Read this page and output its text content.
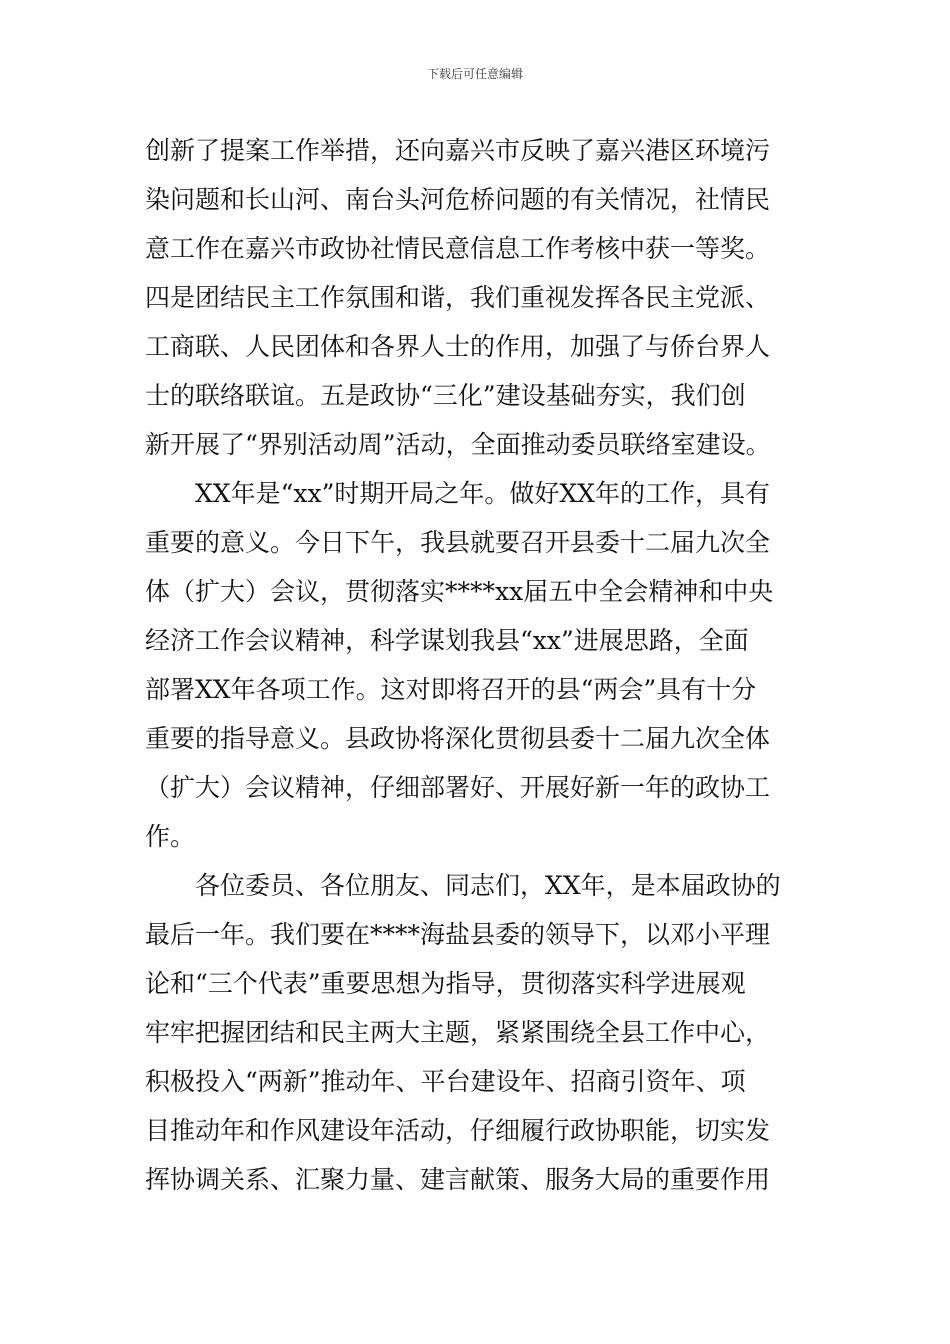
下载后可任意编辑
创新了提案工作举措，还向嘉兴市反映了嘉兴港区环境污
染问题和长山河、南台头河危桥问题的有关情况，社情民
意工作在嘉兴市政协社情民意信息工作考核中获一等奖。
四是团结民主工作氛围和谐，我们重视发挥各民主党派、
工商联、人民团体和各界人士的作用，加强了与侨台界人
士的联络联谊。五是政协“三化”建设基础夯实，我们创
新开展了“界别活动周”活动，全面推动委员联络室建设。
XX年是“xx”时期开局之年。做好XX年的工作，具有
重要的意义。今日下午，我县就要召开县委十二届九次全
体（扩大）会议，贯彻落实****xx届五中全会精神和中央
经济工作会议精神，科学谋划我县“xx”进展思路，全面
部署XX年各项工作。这对即将召开的县“两会”具有十分
重要的指导意义。县政协将深化贯彻县委十二届九次全体
（扩大）会议精神，仔细部署好、开展好新一年的政协工
作。
各位委员、各位朋友、同志们，XX年，是本届政协的
最后一年。我们要在****海盐县委的领导下，以邓小平理
论和“三个代表”重要思想为指导，贯彻落实科学进展观
牢牢把握团结和民主两大主题，紧紧围绕全县工作中心，
积极投入“两新”推动年、平台建设年、招商引资年、项
目推动年和作风建设年活动，仔细履行政协职能，切实发
挥协调关系、汇聚力量、建言献策、服务大局的重要作用
